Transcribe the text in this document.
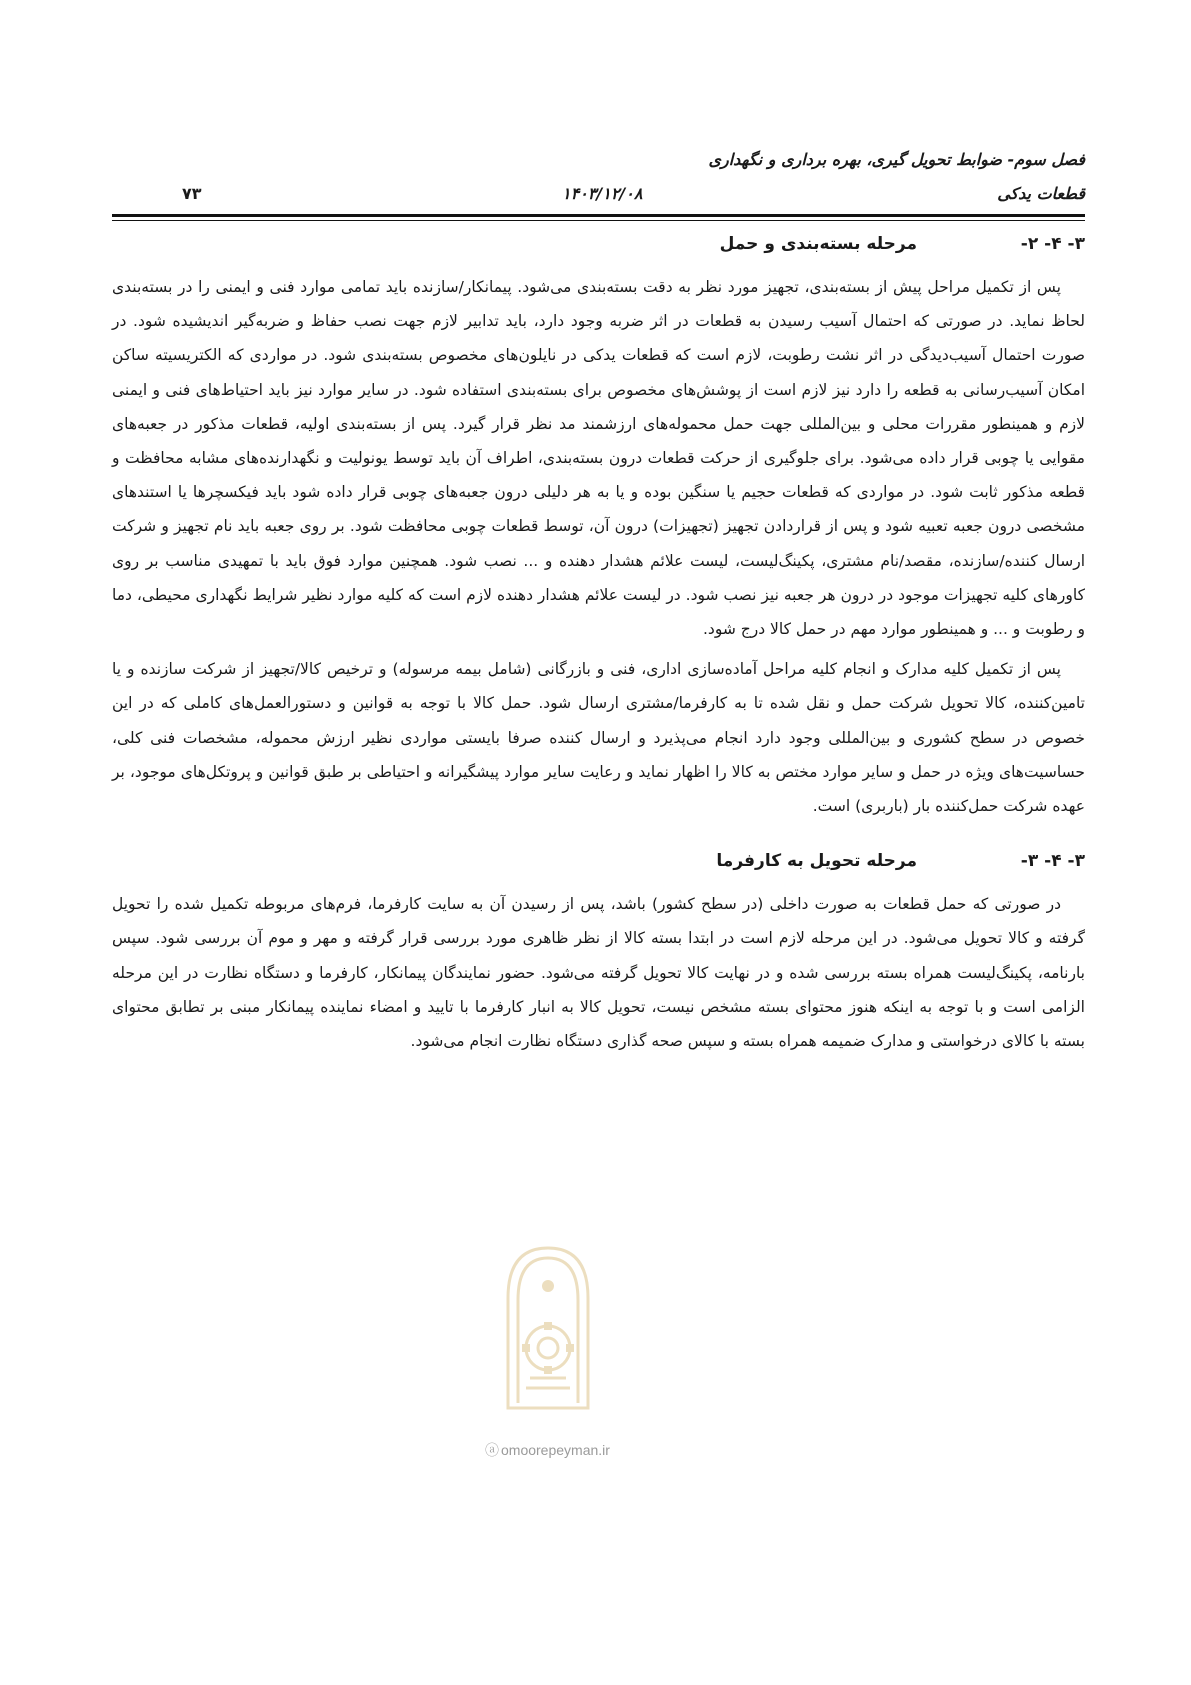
فصل سوم- ضوابط تحویل گیری، بهره برداری و نگهداری
قطعات یدکی
۱۴۰۳/۱۲/۰۸
۷۳
۳- ۴- ۲-
مرحله بسته‌بندی و حمل

پس از تکمیل مراحل پیش از بسته‌بندی، تجهیز مورد نظر به دقت بسته‌بندی می‌شود. پیمانکار/سازنده باید تمامی موارد فنی و ایمنی را در بسته‌بندی لحاظ نماید. در صورتی که احتمال آسیب رسیدن به قطعات در اثر ضربه وجود دارد، باید تدابیر لازم جهت نصب حفاظ و ضربه‌گیر اندیشیده شود. در صورت احتمال آسیب‌دیدگی در اثر نشت رطوبت، لازم است که قطعات یدکی در نایلون‌های مخصوص بسته‌بندی شود. در مواردی که الکتریسیته ساکن امکان آسیب‌رسانی به قطعه را دارد نیز لازم است از پوشش‌های مخصوص برای بسته‌بندی استفاده شود. در سایر موارد نیز باید احتیاط‌های فنی و ایمنی لازم و همینطور مقررات محلی و بین‌المللی جهت حمل محموله‌های ارزشمند مد نظر قرار گیرد. پس از بسته‌بندی اولیه، قطعات مذکور در جعبه‌های مقوایی یا چوبی قرار داده می‌شود. برای جلوگیری از حرکت قطعات درون بسته‌بندی، اطراف آن باید توسط یونولیت و نگهدارنده‌های مشابه محافظت و قطعه مذکور ثابت شود. در مواردی که قطعات حجیم یا سنگین بوده و یا به هر دلیلی درون جعبه‌های چوبی قرار داده شود باید فیکسچرها یا استندهای مشخصی درون جعبه تعبیه شود و پس از قراردادن تجهیز (تجهیزات) درون آن، توسط قطعات چوبی محافظت شود. بر روی جعبه باید نام تجهیز و شرکت ارسال کننده/سازنده، مقصد/نام مشتری، پکینگ‌لیست، لیست علائم هشدار دهنده و ... نصب شود. همچنین موارد فوق باید با تمهیدی مناسب بر روی کاورهای کلیه تجهیزات موجود در درون هر جعبه نیز نصب شود. در لیست علائم هشدار دهنده لازم است که کلیه موارد نظیر شرایط نگهداری محیطی، دما و رطوبت و ... و همینطور موارد مهم در حمل کالا درج شود.

پس از تکمیل کلیه مدارک و انجام کلیه مراحل آماده‌سازی اداری، فنی و بازرگانی (شامل بیمه مرسوله) و ترخیص کالا/تجهیز از شرکت سازنده و یا تامین‌کننده، کالا تحویل شرکت حمل و نقل شده تا به کارفرما/مشتری ارسال شود. حمل کالا با توجه به قوانین و دستورالعمل‌های کاملی که در این خصوص در سطح کشوری و بین‌المللی وجود دارد انجام می‌پذیرد و ارسال کننده صرفا بایستی مواردی نظیر ارزش محموله، مشخصات فنی کلی، حساسیت‌های ویژه در حمل و سایر موارد مختص به کالا را اظهار نماید و رعایت سایر موارد پیشگیرانه و احتیاطی بر طبق قوانین و پروتکل‌های موجود، بر عهده شرکت حمل‌کننده بار (باربری) است.

۳- ۴- ۳-
مرحله تحویل به کارفرما

در صورتی که حمل قطعات به صورت داخلی (در سطح کشور) باشد، پس از رسیدن آن به سایت کارفرما، فرم‌های مربوطه تکمیل شده را تحویل گرفته و کالا تحویل می‌شود. در این مرحله لازم است در ابتدا بسته کالا از نظر ظاهری مورد بررسی قرار گرفته و مهر و موم آن بررسی شود. سپس بارنامه، پکینگ‌لیست همراه بسته بررسی شده و در نهایت کالا تحویل گرفته می‌شود. حضور نمایندگان پیمانکار، کارفرما و دستگاه نظارت در این مرحله الزامی است و با توجه به اینکه هنوز محتوای بسته مشخص نیست، تحویل کالا به انبار کارفرما با تایید و امضاء نماینده پیمانکار مبنی بر تطابق محتوای بسته با کالای درخواستی و مدارک ضمیمه همراه بسته و سپس صحه گذاری دستگاه نظارت انجام می‌شود.

ⓐ omoorepeyman.ir
